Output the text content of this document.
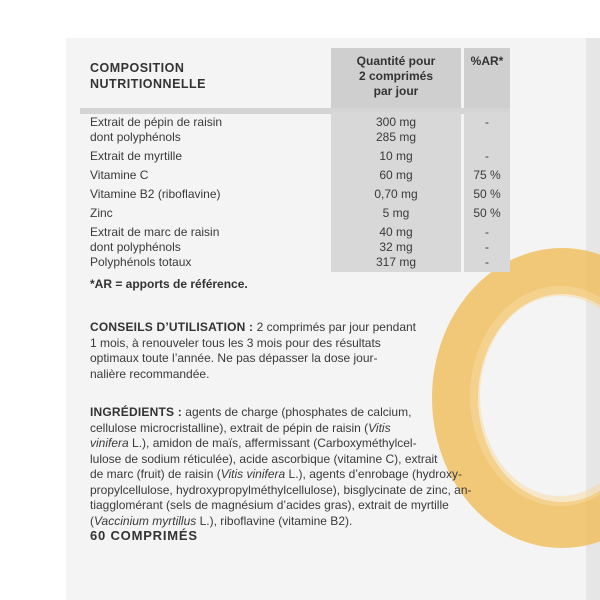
COMPOSITION
NUTRITIONNELLE
Quantité pour
2 comprimés
par jour
%AR*
Extrait de pépin de raisin	300 mg	-
dont polyphénols	285 mg
Extrait de myrtille	10 mg	-
Vitamine C	60 mg	75 %
Vitamine B2 (riboflavine)	0,70 mg	50 %
Zinc	5 mg	50 %
Extrait de marc de raisin	40 mg	-
dont polyphénols	32 mg	-
Polyphénols totaux	317 mg	-
*AR = apports de référence.
CONSEILS D’UTILISATION : 2 comprimés par jour pendant
1 mois, à renouveler tous les 3 mois pour des résultats
optimaux toute l’année. Ne pas dépasser la dose jour-
nalière recommandée.
INGRÉDIENTS : agents de charge (phosphates de calcium,
cellulose microcristalline), extrait de pépin de raisin (Vitis
vinifera L.), amidon de maïs, affermissant (Carboxyméthylcel-
lulose de sodium réticulée), acide ascorbique (vitamine C), extrait
de marc (fruit) de raisin (Vitis vinifera L.), agents d’enrobage (hydroxy-
propylcellulose, hydroxypropylméthylcellulose), bisglycinate de zinc, an-
tiagglomérant (sels de magnésium d’acides gras), extrait de myrtille
(Vaccinium myrtillus L.), riboflavine (vitamine B2).
60 COMPRIMÉS
